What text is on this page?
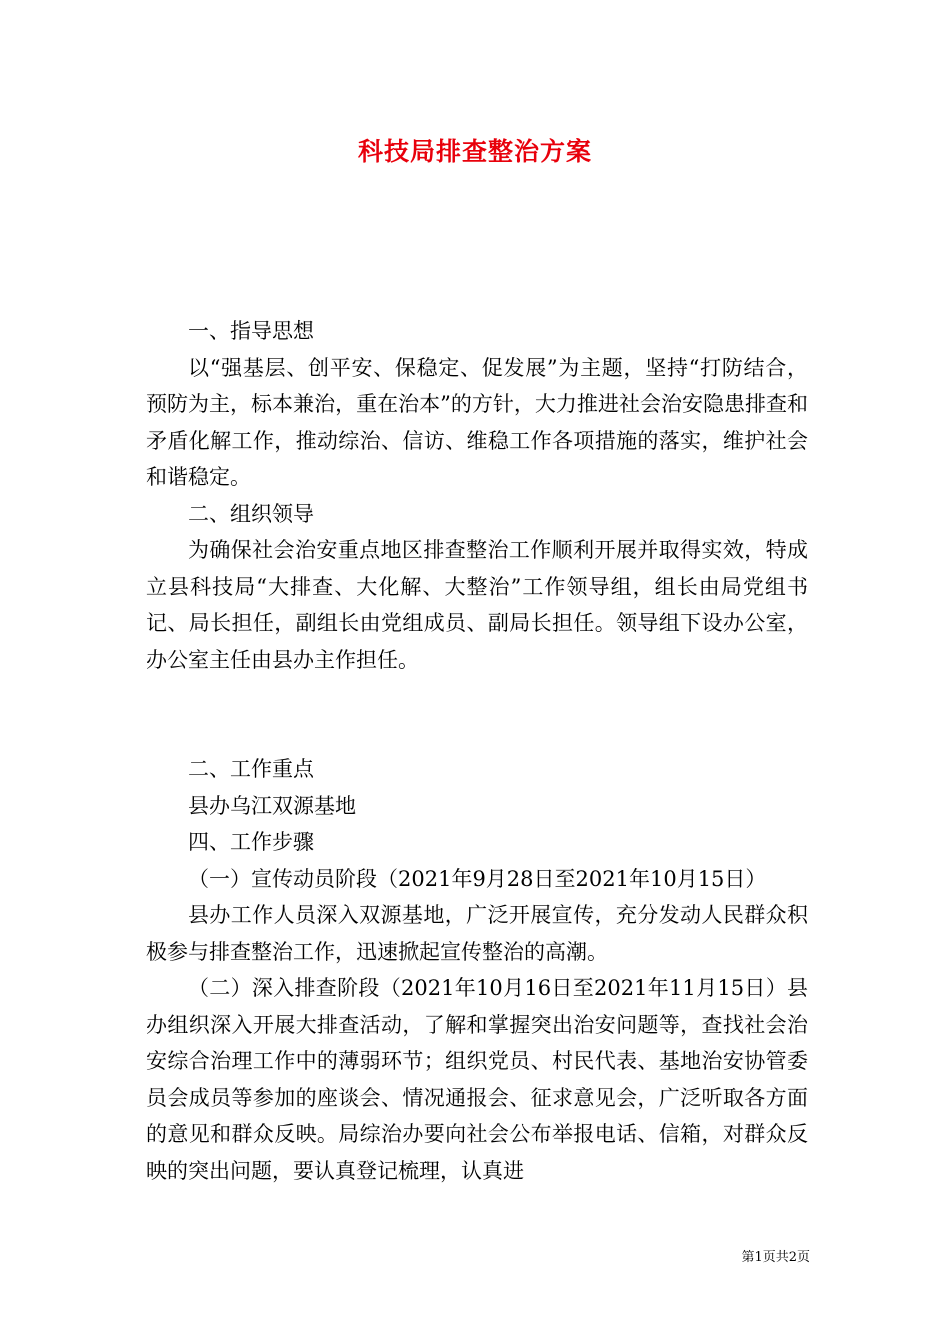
科技局排查整治方案

一、指导思想

以“强基层、创平安、保稳定、促发展”为主题，坚持“打防结合，预防为主，标本兼治，重在治本”的方针，大力推进社会治安隐患排查和矛盾化解工作，推动综治、信访、维稳工作各项措施的落实，维护社会和谐稳定。

二、组织领导

为确保社会治安重点地区排查整治工作顺利开展并取得实效，特成立县科技局“大排查、大化解、大整治”工作领导组，组长由局党组书记、局长担任，副组长由党组成员、副局长担任。领导组下设办公室，办公室主任由县办主作担任。

二、工作重点

县办乌江双源基地

四、工作步骤

（一）宣传动员阶段（2021年9月28日至2021年10月15日）

县办工作人员深入双源基地，广泛开展宣传，充分发动人民群众积极参与排查整治工作，迅速掀起宣传整治的高潮。

（二）深入排查阶段（2021年10月16日至2021年11月15日）县办组织深入开展大排查活动，了解和掌握突出治安问题等，查找社会治安综合治理工作中的薄弱环节；组织党员、村民代表、基地治安协管委员会成员等参加的座谈会、情况通报会、征求意见会，广泛听取各方面的意见和群众反映。局综治办要向社会公布举报电话、信箱，对群众反映的突出问题，要认真登记梳理，认真进

第1页共2页
